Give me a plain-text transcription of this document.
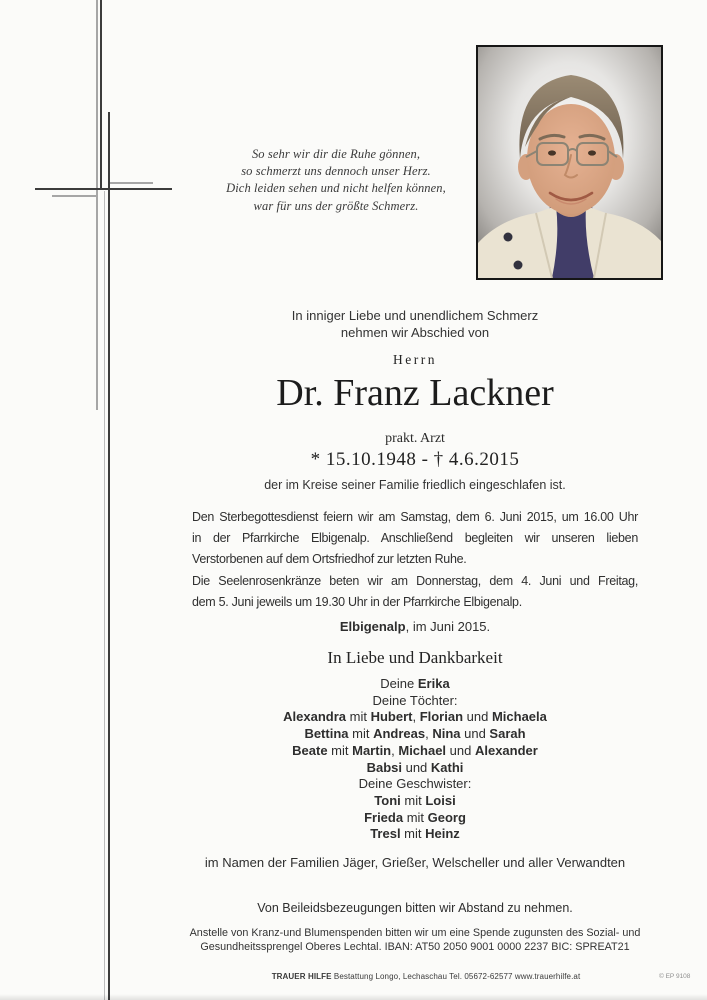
So sehr wir dir die Ruhe gönnen,
so schmerzt uns dennoch unser Herz.
Dich leiden sehen und nicht helfen können,
war für uns der größte Schmerz.
In inniger Liebe und unendlichem Schmerz
nehmen wir Abschied von
Herrn
Dr. Franz Lackner
prakt. Arzt
* 15.10.1948 - † 4.6.2015
der im Kreise seiner Familie friedlich eingeschlafen ist.
Den Sterbegottesdienst feiern wir am Samstag, dem 6. Juni 2015, um 16.00 Uhr
in der Pfarrkirche Elbigenalp. Anschließend begleiten wir unseren lieben
Verstorbenen auf dem Ortsfriedhof zur letzten Ruhe.
Die Seelenrosenkränze beten wir am Donnerstag, dem 4. Juni und Freitag,
dem 5. Juni jeweils um 19.30 Uhr in der Pfarrkirche Elbigenalp.
Elbigenalp, im Juni 2015.
In Liebe und Dankbarkeit
Deine Erika
Deine Töchter:
Alexandra mit Hubert, Florian und Michaela
Bettina mit Andreas, Nina und Sarah
Beate mit Martin, Michael und Alexander
Babsi und Kathi
Deine Geschwister:
Toni mit Loisi
Frieda mit Georg
Tresl mit Heinz
im Namen der Familien Jäger, Grießer, Welscheller und aller Verwandten
Von Beileidsbezeugungen bitten wir Abstand zu nehmen.
Anstelle von Kranz-und Blumenspenden bitten wir um eine Spende zugunsten des Sozial- und
Gesundheitssprengel Oberes Lechtal. IBAN: AT50 2050 9001 0000 2237 BIC: SPREAT21
TRAUER HILFE Bestattung Longo, Lechaschau Tel. 05672-62577 www.trauerhilfe.at	© EP 9108
